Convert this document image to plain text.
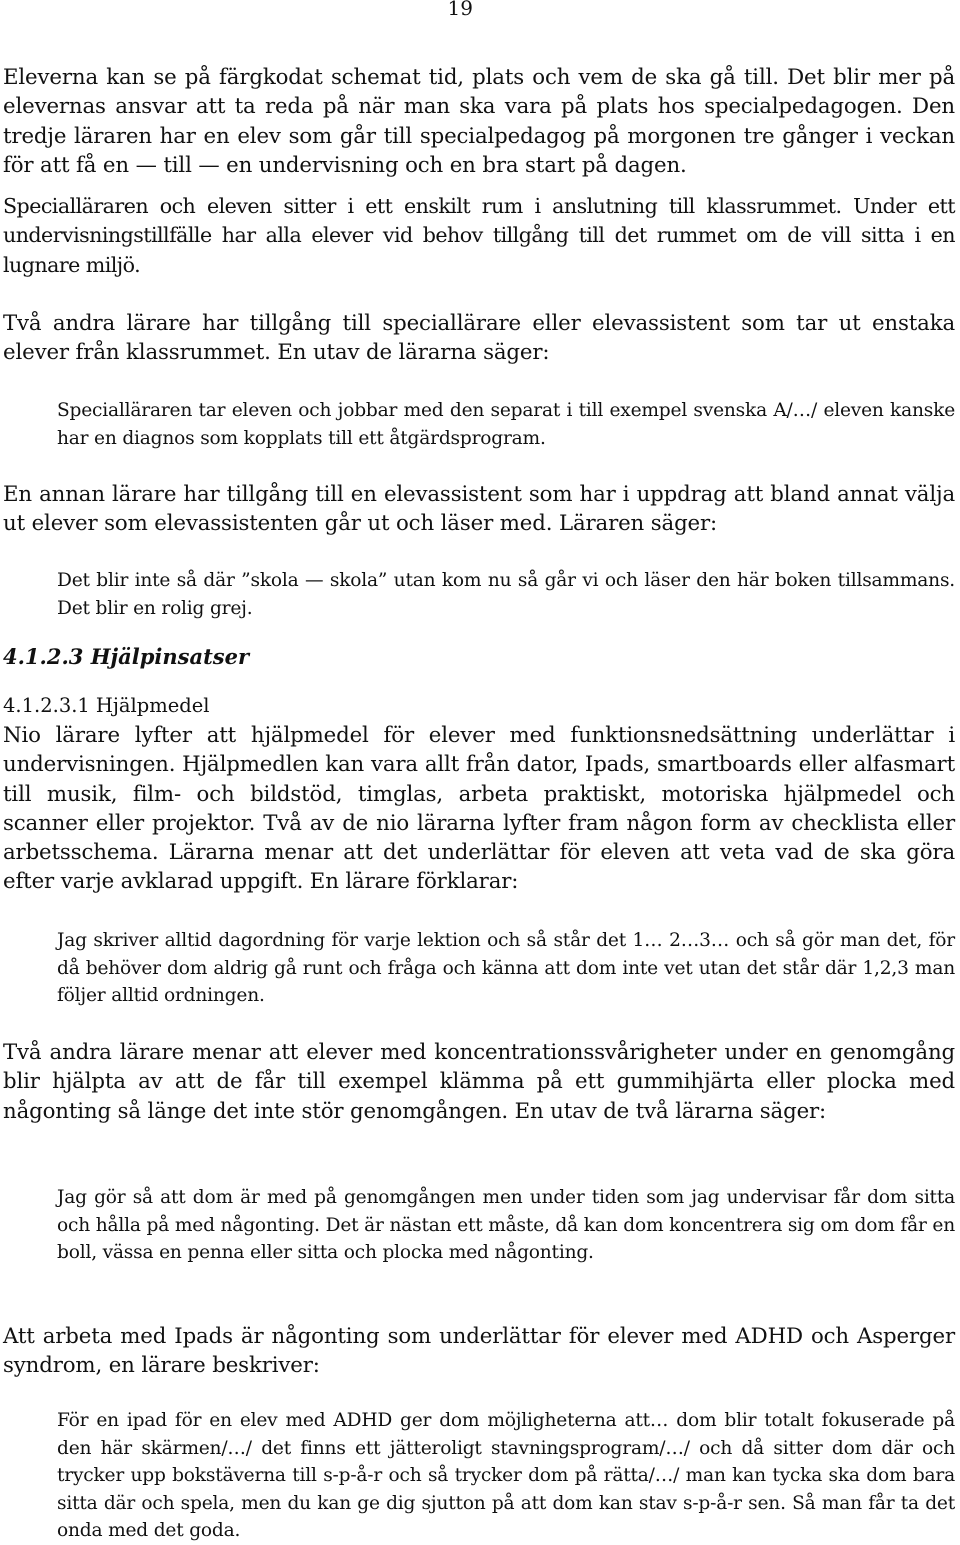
19

Eleverna kan se på färgkodat schemat tid, plats och vem de ska gå till. Det blir mer på elevernas ansvar att ta reda på när man ska vara på plats hos specialpedagogen. Den tredje läraren har en elev som går till specialpedagog på morgonen tre gånger i veckan för att få en — till — en undervisning och en bra start på dagen.

Specialläraren och eleven sitter i ett enskilt rum i anslutning till klassrummet. Under ett undervisningstillfälle har alla elever vid behov tillgång till det rummet om de vill sitta i en lugnare miljö.

Två andra lärare har tillgång till speciallärare eller elevassistent som tar ut enstaka elever från klassrummet. En utav de lärarna säger:

Specialläraren tar eleven och jobbar med den separat i till exempel svenska A/…/ eleven kanske har en diagnos som kopplats till ett åtgärdsprogram.

En annan lärare har tillgång till en elevassistent som har i uppdrag att bland annat välja ut elever som elevassistenten går ut och läser med. Läraren säger:

Det blir inte så där ”skola — skola” utan kom nu så går vi och läser den här boken tillsammans. Det blir en rolig grej.

4.1.2.3 Hjälpinsatser
4.1.2.3.1 Hjälpmedel

Nio lärare lyfter att hjälpmedel för elever med funktionsnedsättning underlättar i undervisningen. Hjälpmedlen kan vara allt från dator, Ipads, smartboards eller alfasmart till musik, film- och bildstöd, timglas, arbeta praktiskt, motoriska hjälpmedel och scanner eller projektor. Två av de nio lärarna lyfter fram någon form av checklista eller arbetsschema. Lärarna menar att det underlättar för eleven att veta vad de ska göra efter varje avklarad uppgift. En lärare förklarar:

Jag skriver alltid dagordning för varje lektion och så står det 1… 2…3… och så gör man det, för då behöver dom aldrig gå runt och fråga och känna att dom inte vet utan det står där 1,2,3 man följer alltid ordningen.

Två andra lärare menar att elever med koncentrationssvårigheter under en genomgång blir hjälpta av att de får till exempel klämma på ett gummihjärta eller plocka med någonting så länge det inte stör genomgången. En utav de två lärarna säger:

Jag gör så att dom är med på genomgången men under tiden som jag undervisar får dom sitta och hålla på med någonting. Det är nästan ett måste, då kan dom koncentrera sig om dom får en boll, vässa en penna eller sitta och plocka med någonting.

Att arbeta med Ipads är någonting som underlättar för elever med ADHD och Asperger syndrom, en lärare beskriver:

För en ipad för en elev med ADHD ger dom möjligheterna att… dom blir totalt fokuserade på den här skärmen/…/ det finns ett jätteroligt stavningsprogram/…/ och då sitter dom där och trycker upp bokstäverna till s-p-å-r och så trycker dom på rätta/…/ man kan tycka ska dom bara sitta där och spela, men du kan ge dig sjutton på att dom kan stav s-p-å-r sen. Så man får ta det onda med det goda.
